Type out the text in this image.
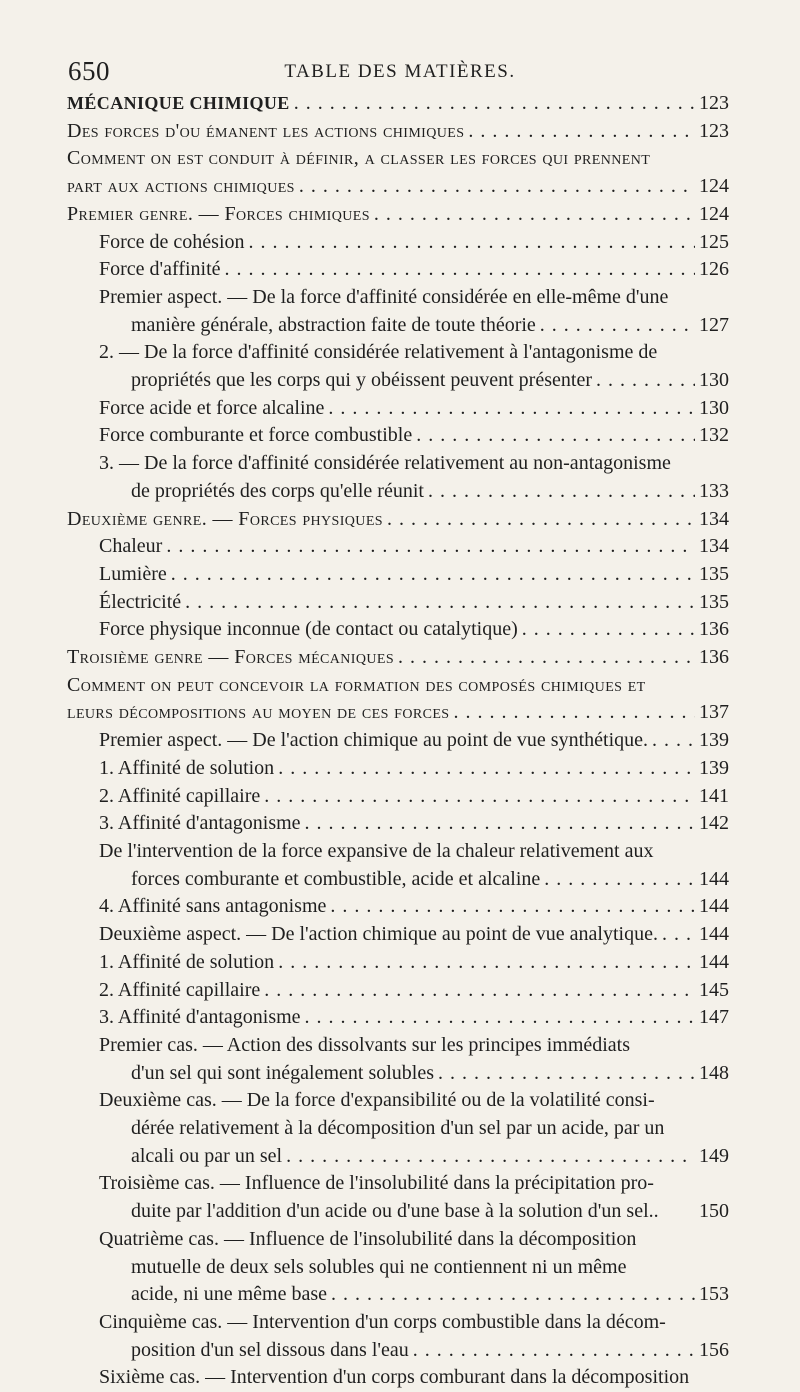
650	TABLE DES MATIÈRES.
MÉCANIQUE CHIMIQUE . . .	123
Des forces d'ou émanent les actions chimiques . . .	123
Comment on est conduit à définir, a classer les forces qui prennent
part aux actions chimiques . . .	124
Premier genre. — Forces chimiques . . .	124
Force de cohésion . . .	125
Force d'affinité . . .	126
Premier aspect. — De la force d'affinité considérée en elle-même d'une
manière générale, abstraction faite de toute théorie . . .	127
2. — De la force d'affinité considérée relativement à l'antagonisme de
propriétés que les corps qui y obéissent peuvent présenter . . .	130
Force acide et force alcaline . . .	130
Force comburante et force combustible . . .	132
3. — De la force d'affinité considérée relativement au non-antagonisme
de propriétés des corps qu'elle réunit . . .	133
Deuxième genre. — Forces physiques . . .	134
Chaleur . . .	134
Lumière . . .	135
Électricité . . .	135
Force physique inconnue (de contact ou catalytique) . . .	136
Troisième genre — Forces mécaniques . . .	136
Comment on peut concevoir la formation des composés chimiques et
leurs décompositions au moyen de ces forces . . .	137
Premier aspect. — De l'action chimique au point de vue synthétique. . . .	139
1. Affinité de solution . . .	139
2. Affinité capillaire . . .	141
3. Affinité d'antagonisme . . .	142
De l'intervention de la force expansive de la chaleur relativement aux
forces comburante et combustible, acide et alcaline . . .	144
4. Affinité sans antagonisme . . .	144
Deuxième aspect. — De l'action chimique au point de vue analytique. . . . 144
1. Affinité de solution . . .	144
2. Affinité capillaire . . .	145
3. Affinité d'antagonisme . . .	147
Premier cas. — Action des dissolvants sur les principes immédiats
d'un sel qui sont inégalement solubles . . .	148
Deuxième cas. — De la force d'expansibilité ou de la volatilité consi-
dérée relativement à la décomposition d'un sel par un acide, par un
alcali ou par un sel . . .	149
Troisième cas. — Influence de l'insolubilité dans la précipitation pro-
duite par l'addition d'un acide ou d'une base à la solution d'un sel.. 150
Quatrième cas. — Influence de l'insolubilité dans la décomposition
mutuelle de deux sels solubles qui ne contiennent ni un même
acide, ni une même base . . .	153
Cinquième cas. — Intervention d'un corps combustible dans la décom-
position d'un sel dissous dans l'eau . . .	156
Sixième cas. — Intervention d'un corps comburant dans la décomposition
